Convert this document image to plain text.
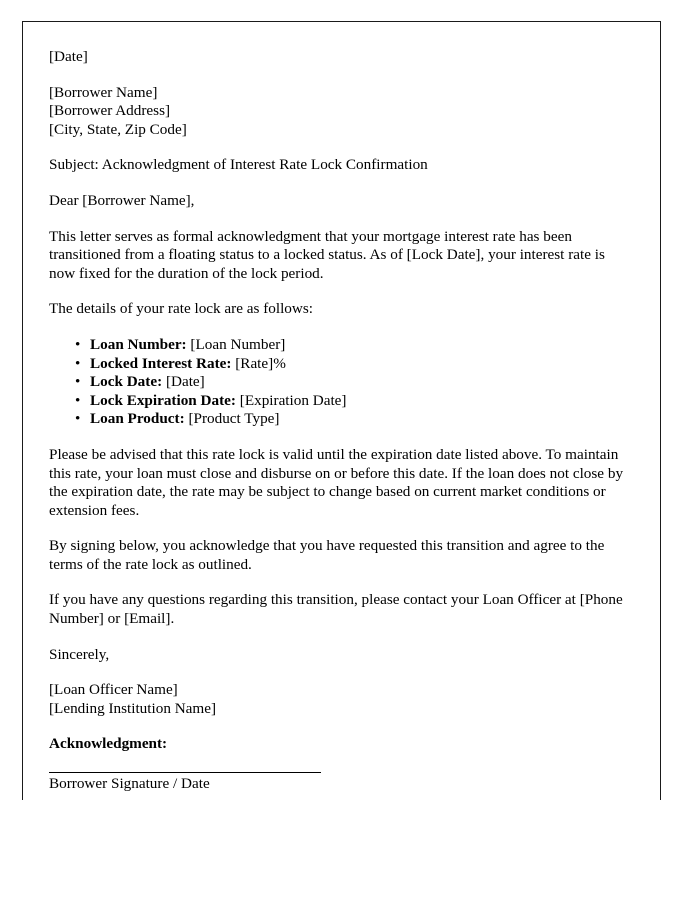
[Date]
[Borrower Name]
[Borrower Address]
[City, State, Zip Code]

Subject: Acknowledgment of Interest Rate Lock Confirmation

Dear [Borrower Name],

This letter serves as formal acknowledgment that your mortgage interest rate has been transitioned from a floating status to a locked status. As of [Lock Date], your interest rate is now fixed for the duration of the lock period.

The details of your rate lock are as follows:

• Loan Number: [Loan Number]
• Locked Interest Rate: [Rate]%
• Lock Date: [Date]
• Lock Expiration Date: [Expiration Date]
• Loan Product: [Product Type]

Please be advised that this rate lock is valid until the expiration date listed above. To maintain this rate, your loan must close and disburse on or before this date. If the loan does not close by the expiration date, the rate may be subject to change based on current market conditions or extension fees.

By signing below, you acknowledge that you have requested this transition and agree to the terms of the rate lock as outlined.

If you have any questions regarding this transition, please contact your Loan Officer at [Phone Number] or [Email].

Sincerely,

[Loan Officer Name]
[Lending Institution Name]

Acknowledgment:

Borrower Signature / Date
